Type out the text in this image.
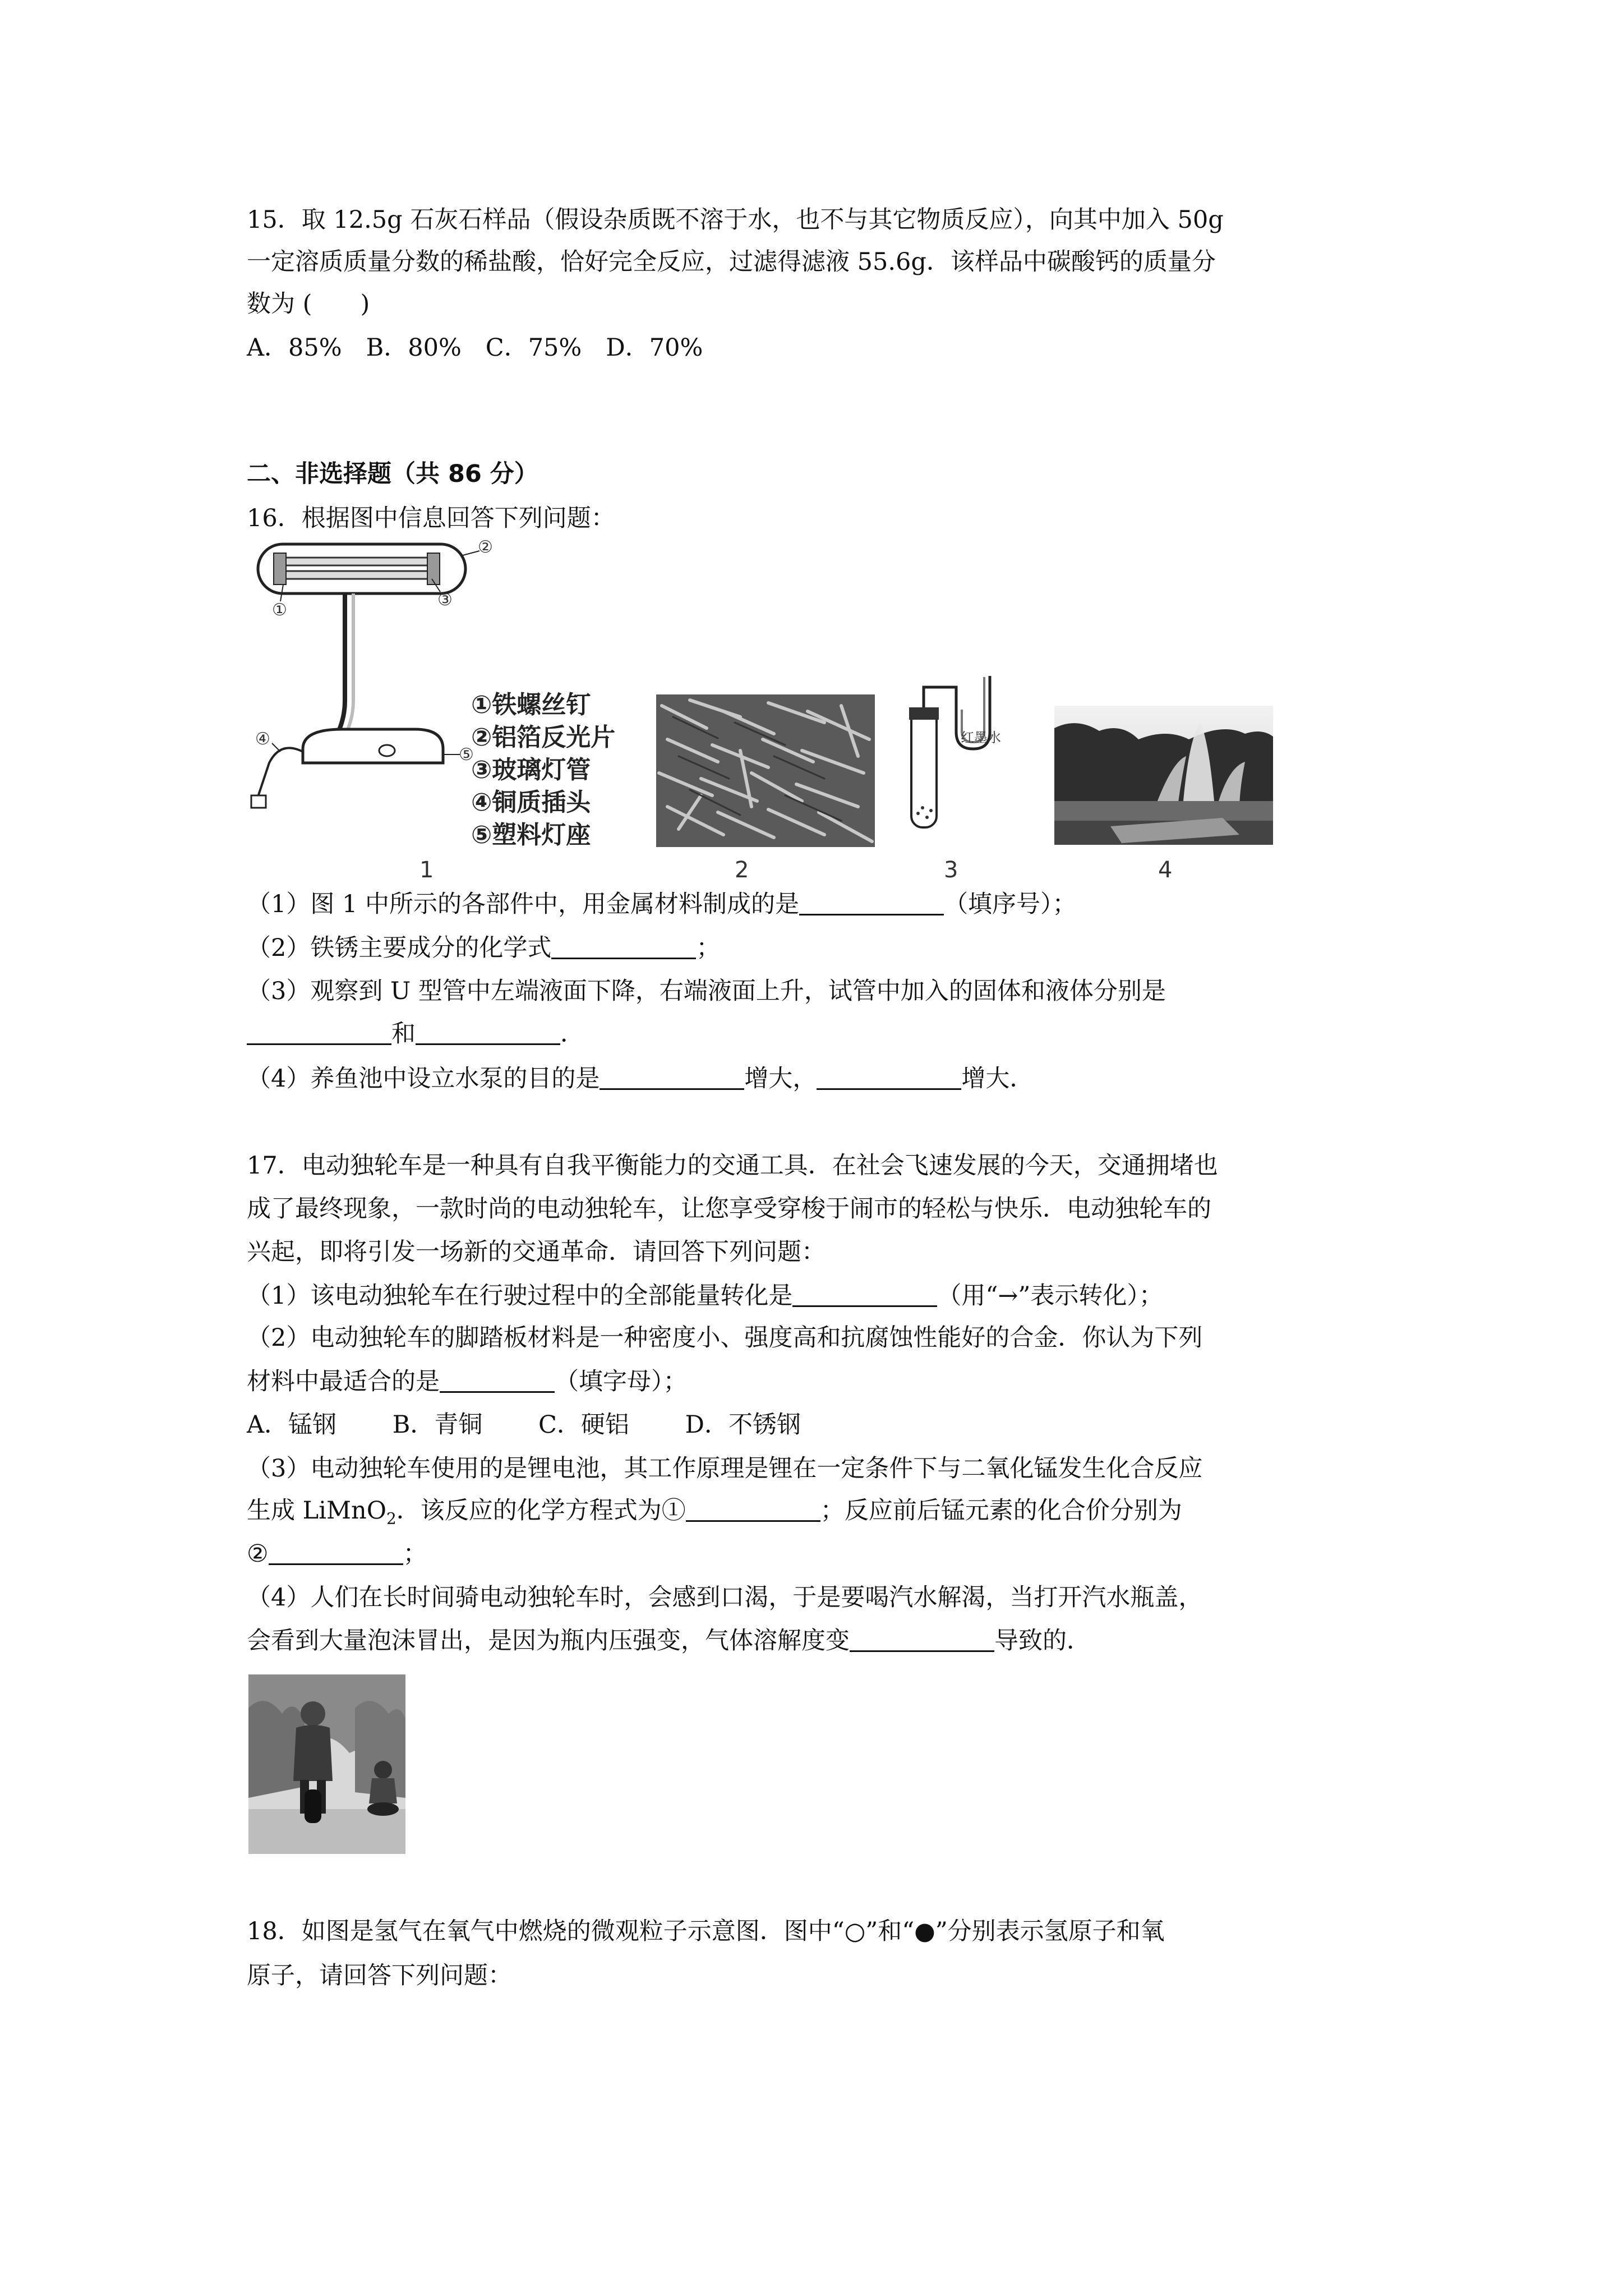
15．取 12.5g 石灰石样品（假设杂质既不溶于水，也不与其它物质反应），向其中加入 50g
一定溶质质量分数的稀盐酸，恰好完全反应，过滤得滤液 55.6g．该样品中碳酸钙的质量分
数为 (　　)
A．85%　B．80%　C．75%　D．70%
二、非选择题（共 86 分）
16．根据图中信息回答下列问题：
②
③
①
④
⑤
①铁螺丝钉
②铝箔反光片
③玻璃灯管
④铜质插头
⑤塑料灯座
红墨水
1	2	3	4
（1）图 1 中所示的各部件中，用金属材料制成的是	（填序号）；
（2）铁锈主要成分的化学式	；
（3）观察到 U 型管中左端液面下降，右端液面上升，试管中加入的固体和液体分别是
和	．
（4）养鱼池中设立水泵的目的是	增大，	增大．
17．电动独轮车是一种具有自我平衡能力的交通工具．在社会飞速发展的今天，交通拥堵也
成了最终现象，一款时尚的电动独轮车，让您享受穿梭于闹市的轻松与快乐．电动独轮车的
兴起，即将引发一场新的交通革命．请回答下列问题：
（1）该电动独轮车在行驶过程中的全部能量转化是	（用“→”表示转化）；
（2）电动独轮车的脚踏板材料是一种密度小、强度高和抗腐蚀性能好的合金．你认为下列
材料中最适合的是	（填字母）；
A．锰钢　　 B．青铜　　 C．硬铝　　 D．不锈钢
（3）电动独轮车使用的是锂电池，其工作原理是锂在一定条件下与二氧化锰发生化合反应
生成 LiMnO$_2$．该反应的化学方程式为①	；反应前后锰元素的化合价分别为
②	；
（4）人们在长时间骑电动独轮车时，会感到口渴，于是要喝汽水解渴，当打开汽水瓶盖，
会看到大量泡沫冒出，是因为瓶内压强变，气体溶解度变	导致的．
18．如图是氢气在氧气中燃烧的微观粒子示意图．图中“○”和“●”分别表示氢原子和氧
原子，请回答下列问题：
